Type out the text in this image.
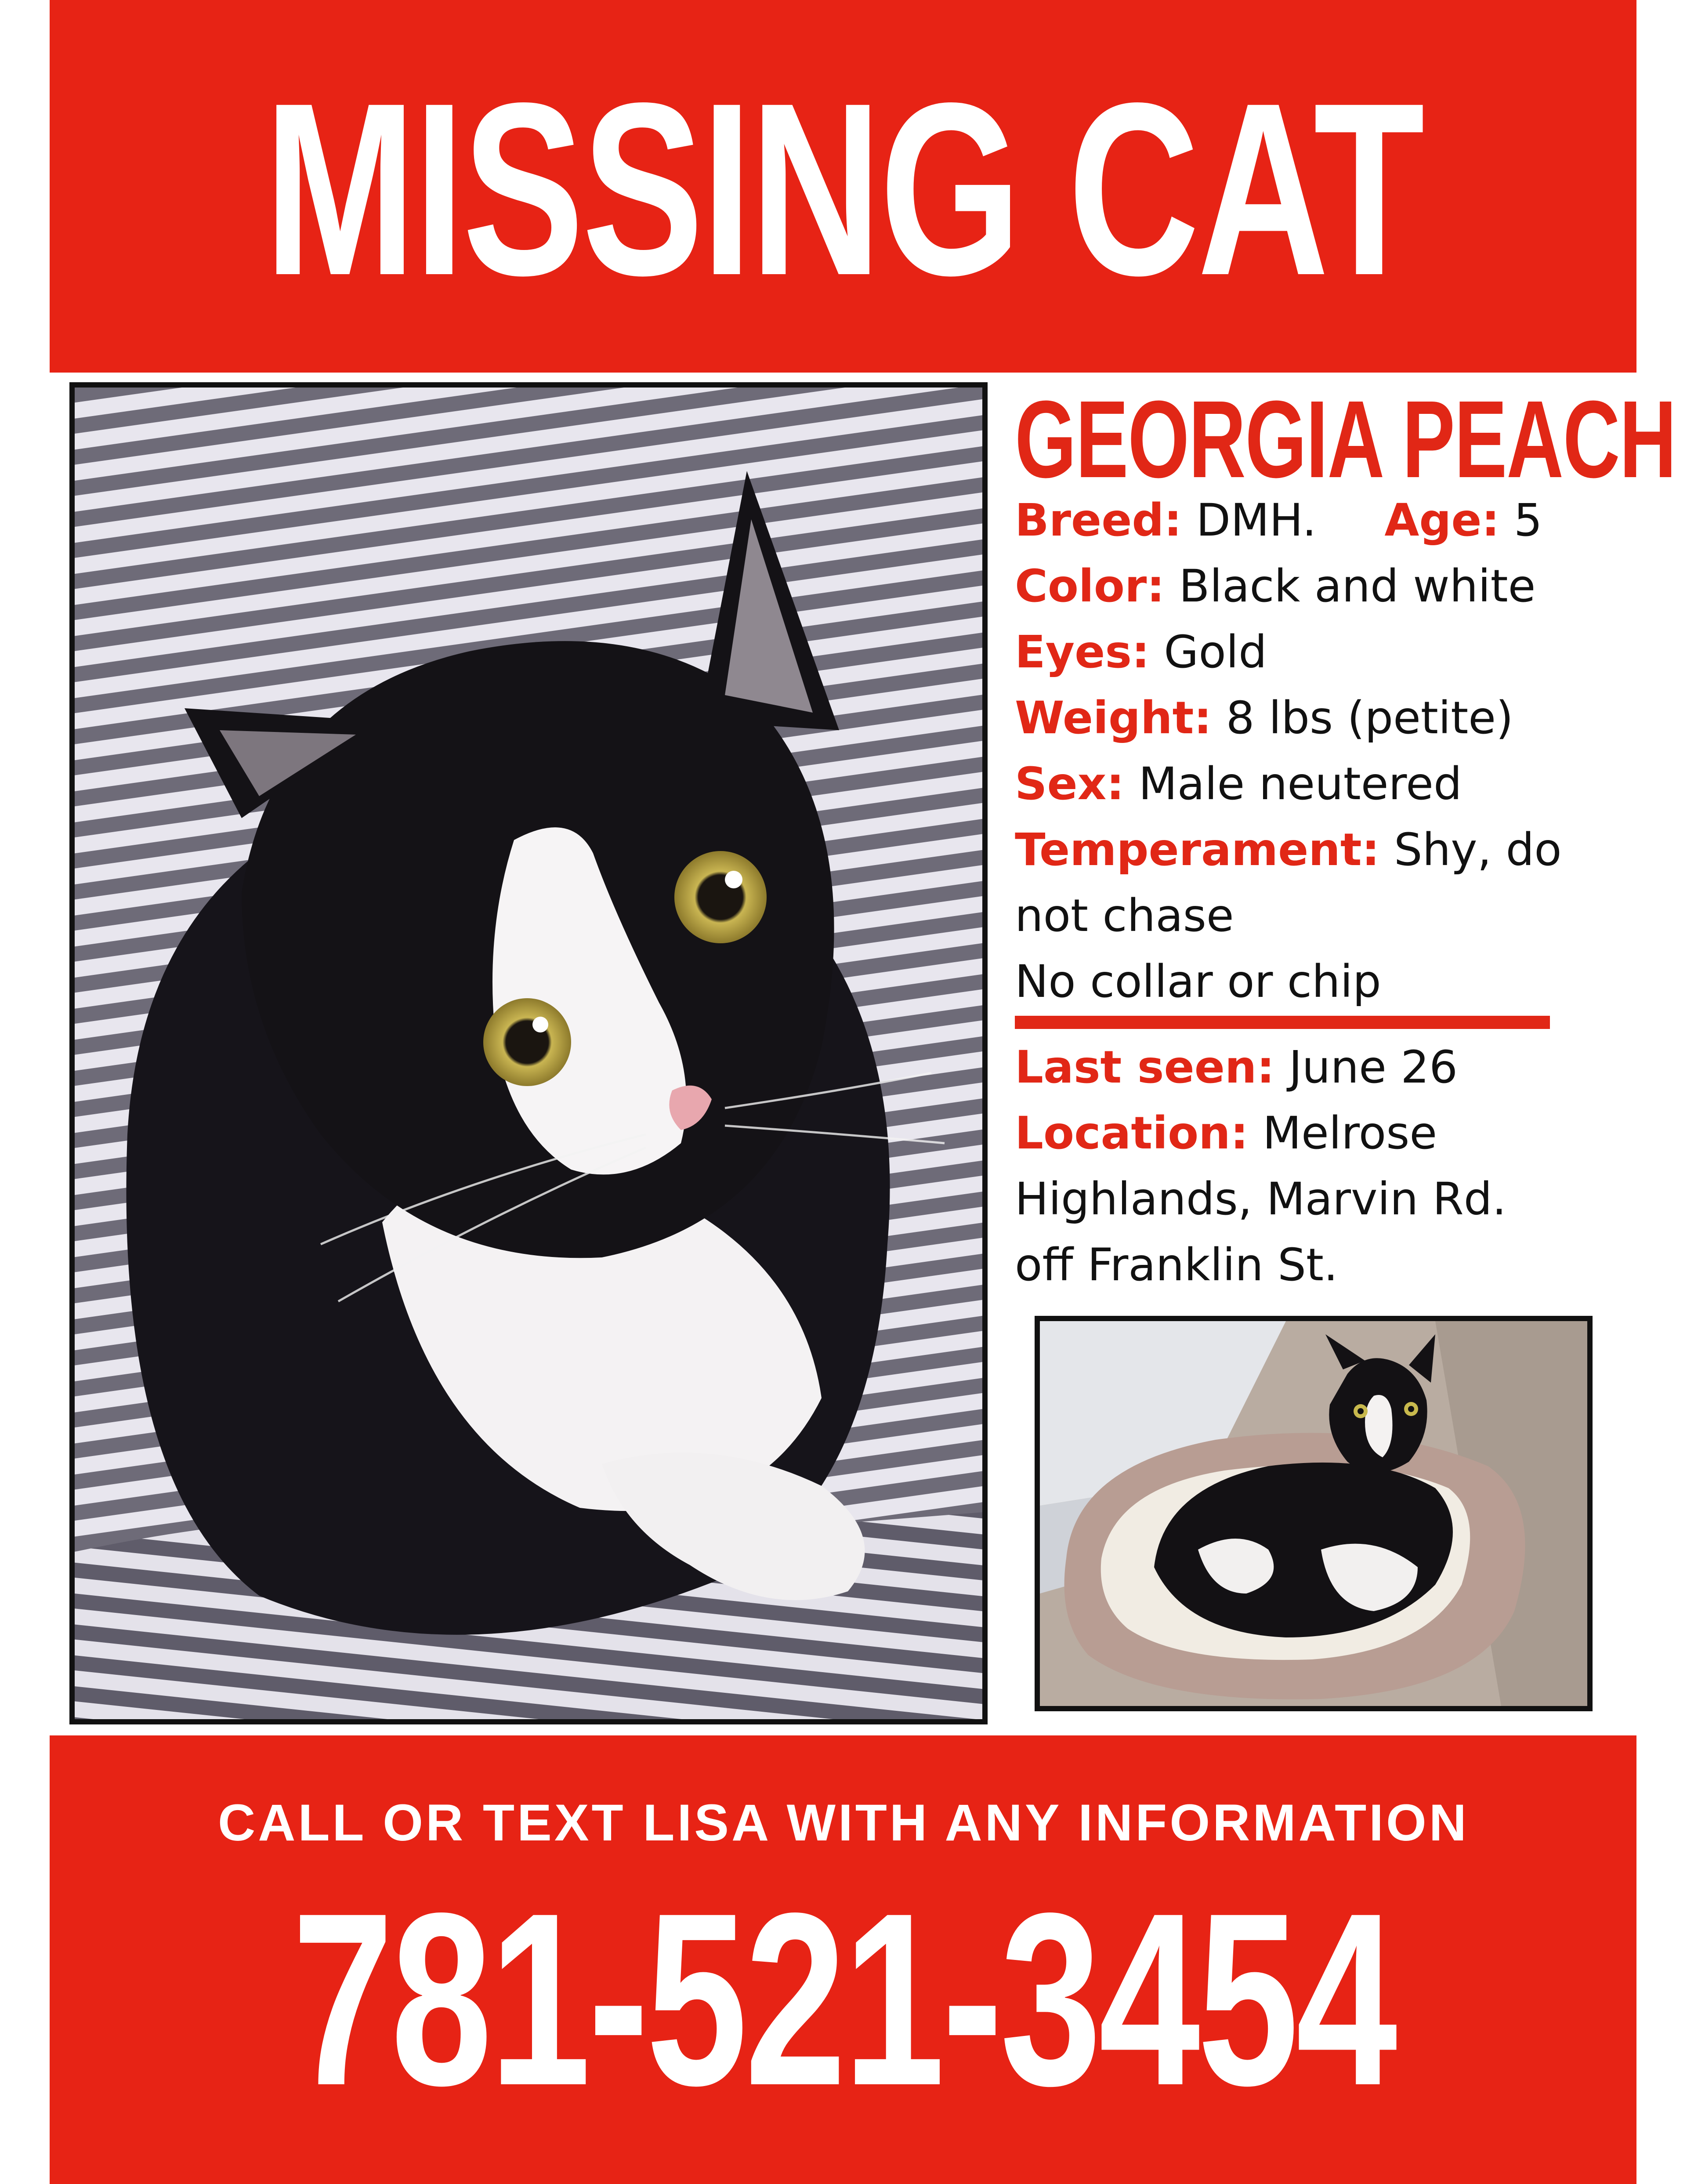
MISSING CAT
GEORGIA PEACH
Breed: DMH. Age: 5
Color: Black and white
Eyes: Gold
Weight: 8 lbs (petite)
Sex: Male neutered
Temperament: Shy, do
not chase
No collar or chip
Last seen: June 26
Location: Melrose
Highlands, Marvin Rd.
off Franklin St.
CALL OR TEXT LISA WITH ANY INFORMATION
781-521-3454
